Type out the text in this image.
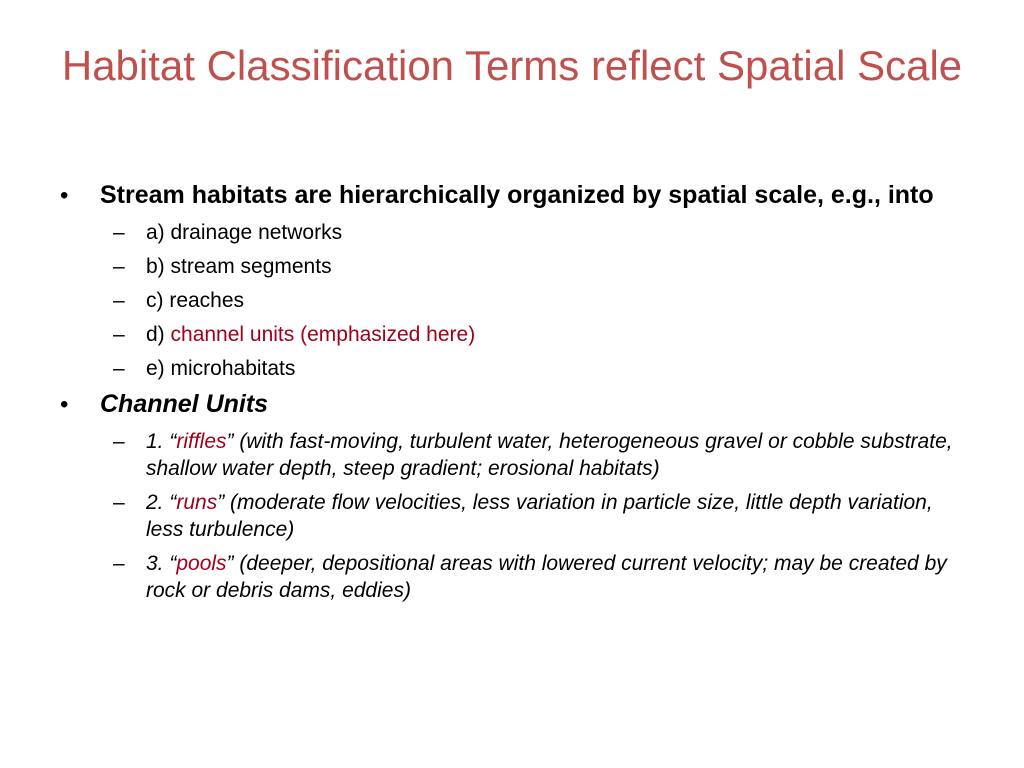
Habitat Classification Terms reflect Spatial Scale
• Stream habitats are hierarchically organized by spatial scale, e.g., into
– a) drainage networks
– b) stream segments
– c) reaches
– d) channel units (emphasized here)
– e) microhabitats
• Channel Units
– 1. “riffles” (with fast-moving, turbulent water, heterogeneous gravel or cobble substrate, shallow water depth, steep gradient; erosional habitats)
– 2. “runs” (moderate flow velocities, less variation in particle size, little depth variation, less turbulence)
– 3. “pools” (deeper, depositional areas with lowered current velocity; may be created by rock or debris dams, eddies)
